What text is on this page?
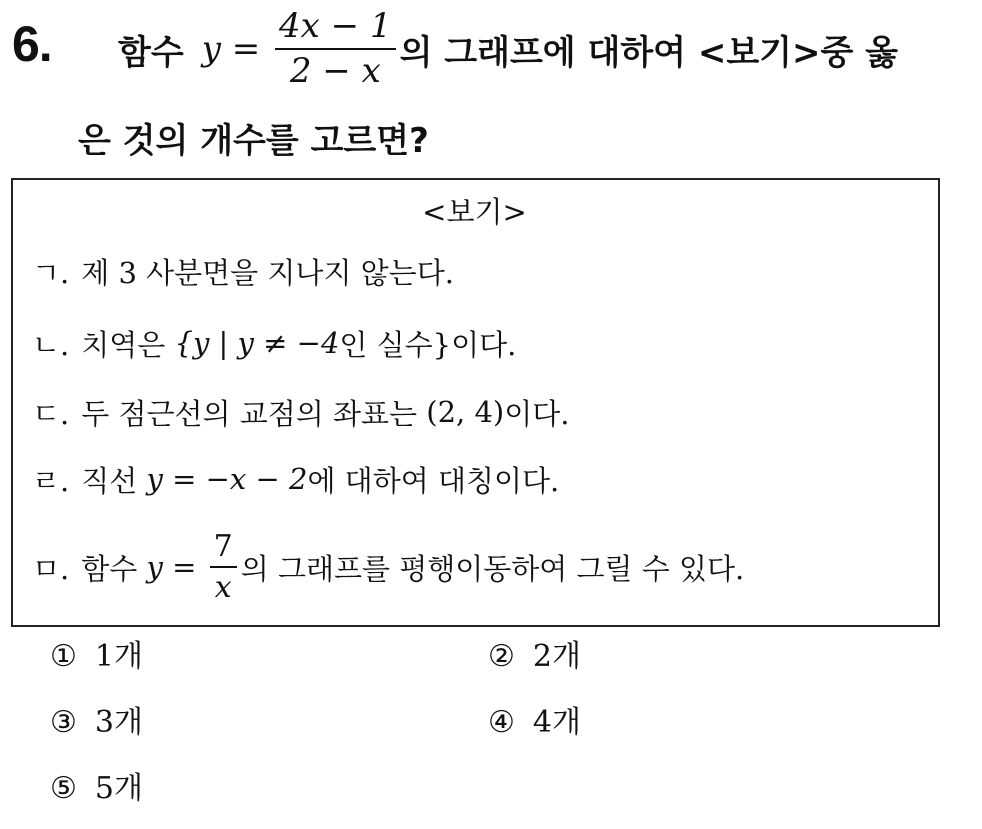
6. 함수 $y = \frac{4x - 1}{2 - x}$ 의 그래프에 대하여 <보기>중 옳
은 것의 개수를 고르면?
<보기>
ㄱ. 제 3 사분면을 지나지 않는다.
ㄴ. 치역은 {y | y ≠ −4 인 실수}이다.
ㄷ. 두 점근선의 교점의 좌표는 (2, 4) 이다.
ㄹ. 직선 y = −x − 2 에 대하여 대칭이다.
ㅁ. 함수 $y = \frac{7}{x}$ 의 그래프를 평행이동하여 그릴 수 있다.
① 1개	② 2개
③ 3개	④ 4개
⑤ 5개
